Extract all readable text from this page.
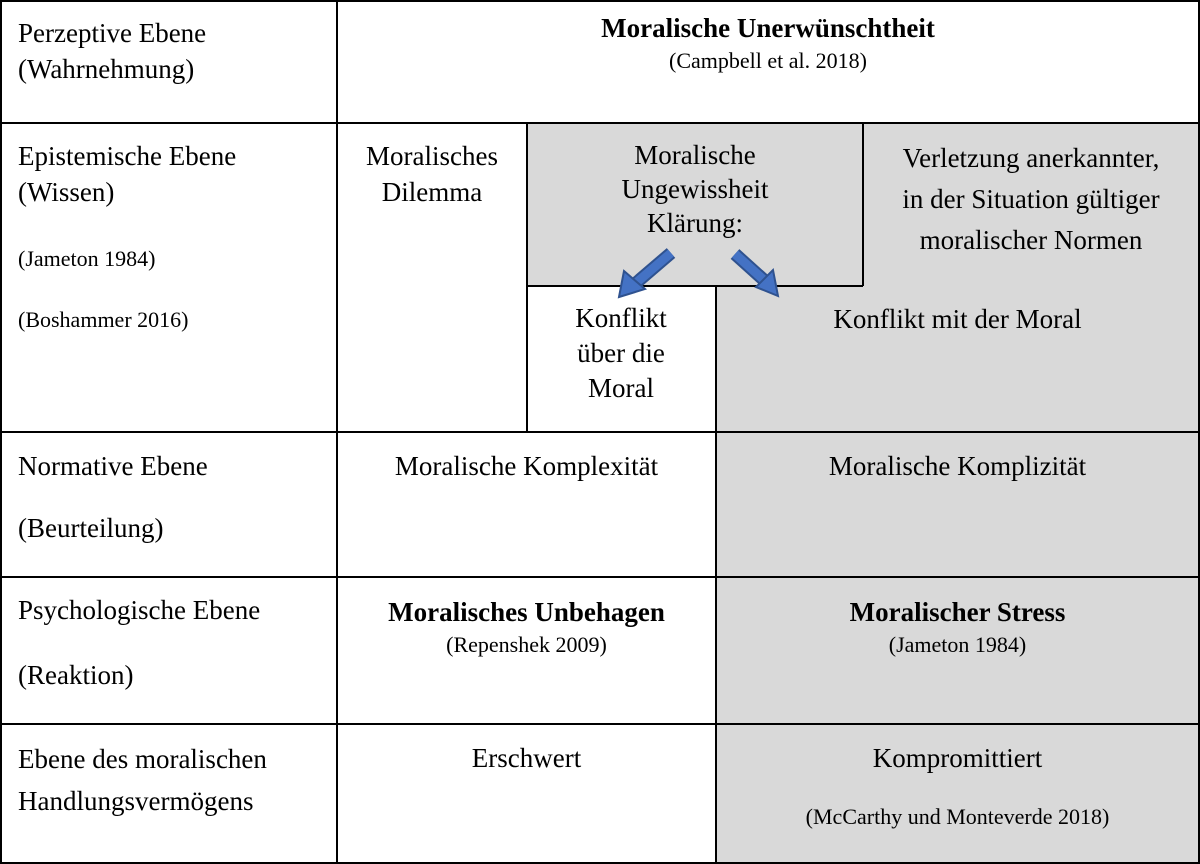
Perzeptive Ebene
(Wahrnehmung)
Moralische Unerwünschtheit
(Campbell et al. 2018)
Epistemische Ebene
(Wissen)
(Jameton 1984)
(Boshammer 2016)
Moralisches
Dilemma
Moralische
Ungewissheit
Klärung:
Verletzung anerkannter,
in der Situation gültiger
moralischer Normen
Konflikt
über die
Moral
Konflikt mit der Moral
Normative Ebene
(Beurteilung)
Moralische Komplexität	Moralische Komplizität
Psychologische Ebene
(Reaktion)
Moralisches Unbehagen
(Repenshek 2009)
Moralischer Stress
(Jameton 1984)
Ebene des moralischen
Handlungsvermögens
Erschwert	Kompromittiert
(McCarthy und Monteverde 2018)
